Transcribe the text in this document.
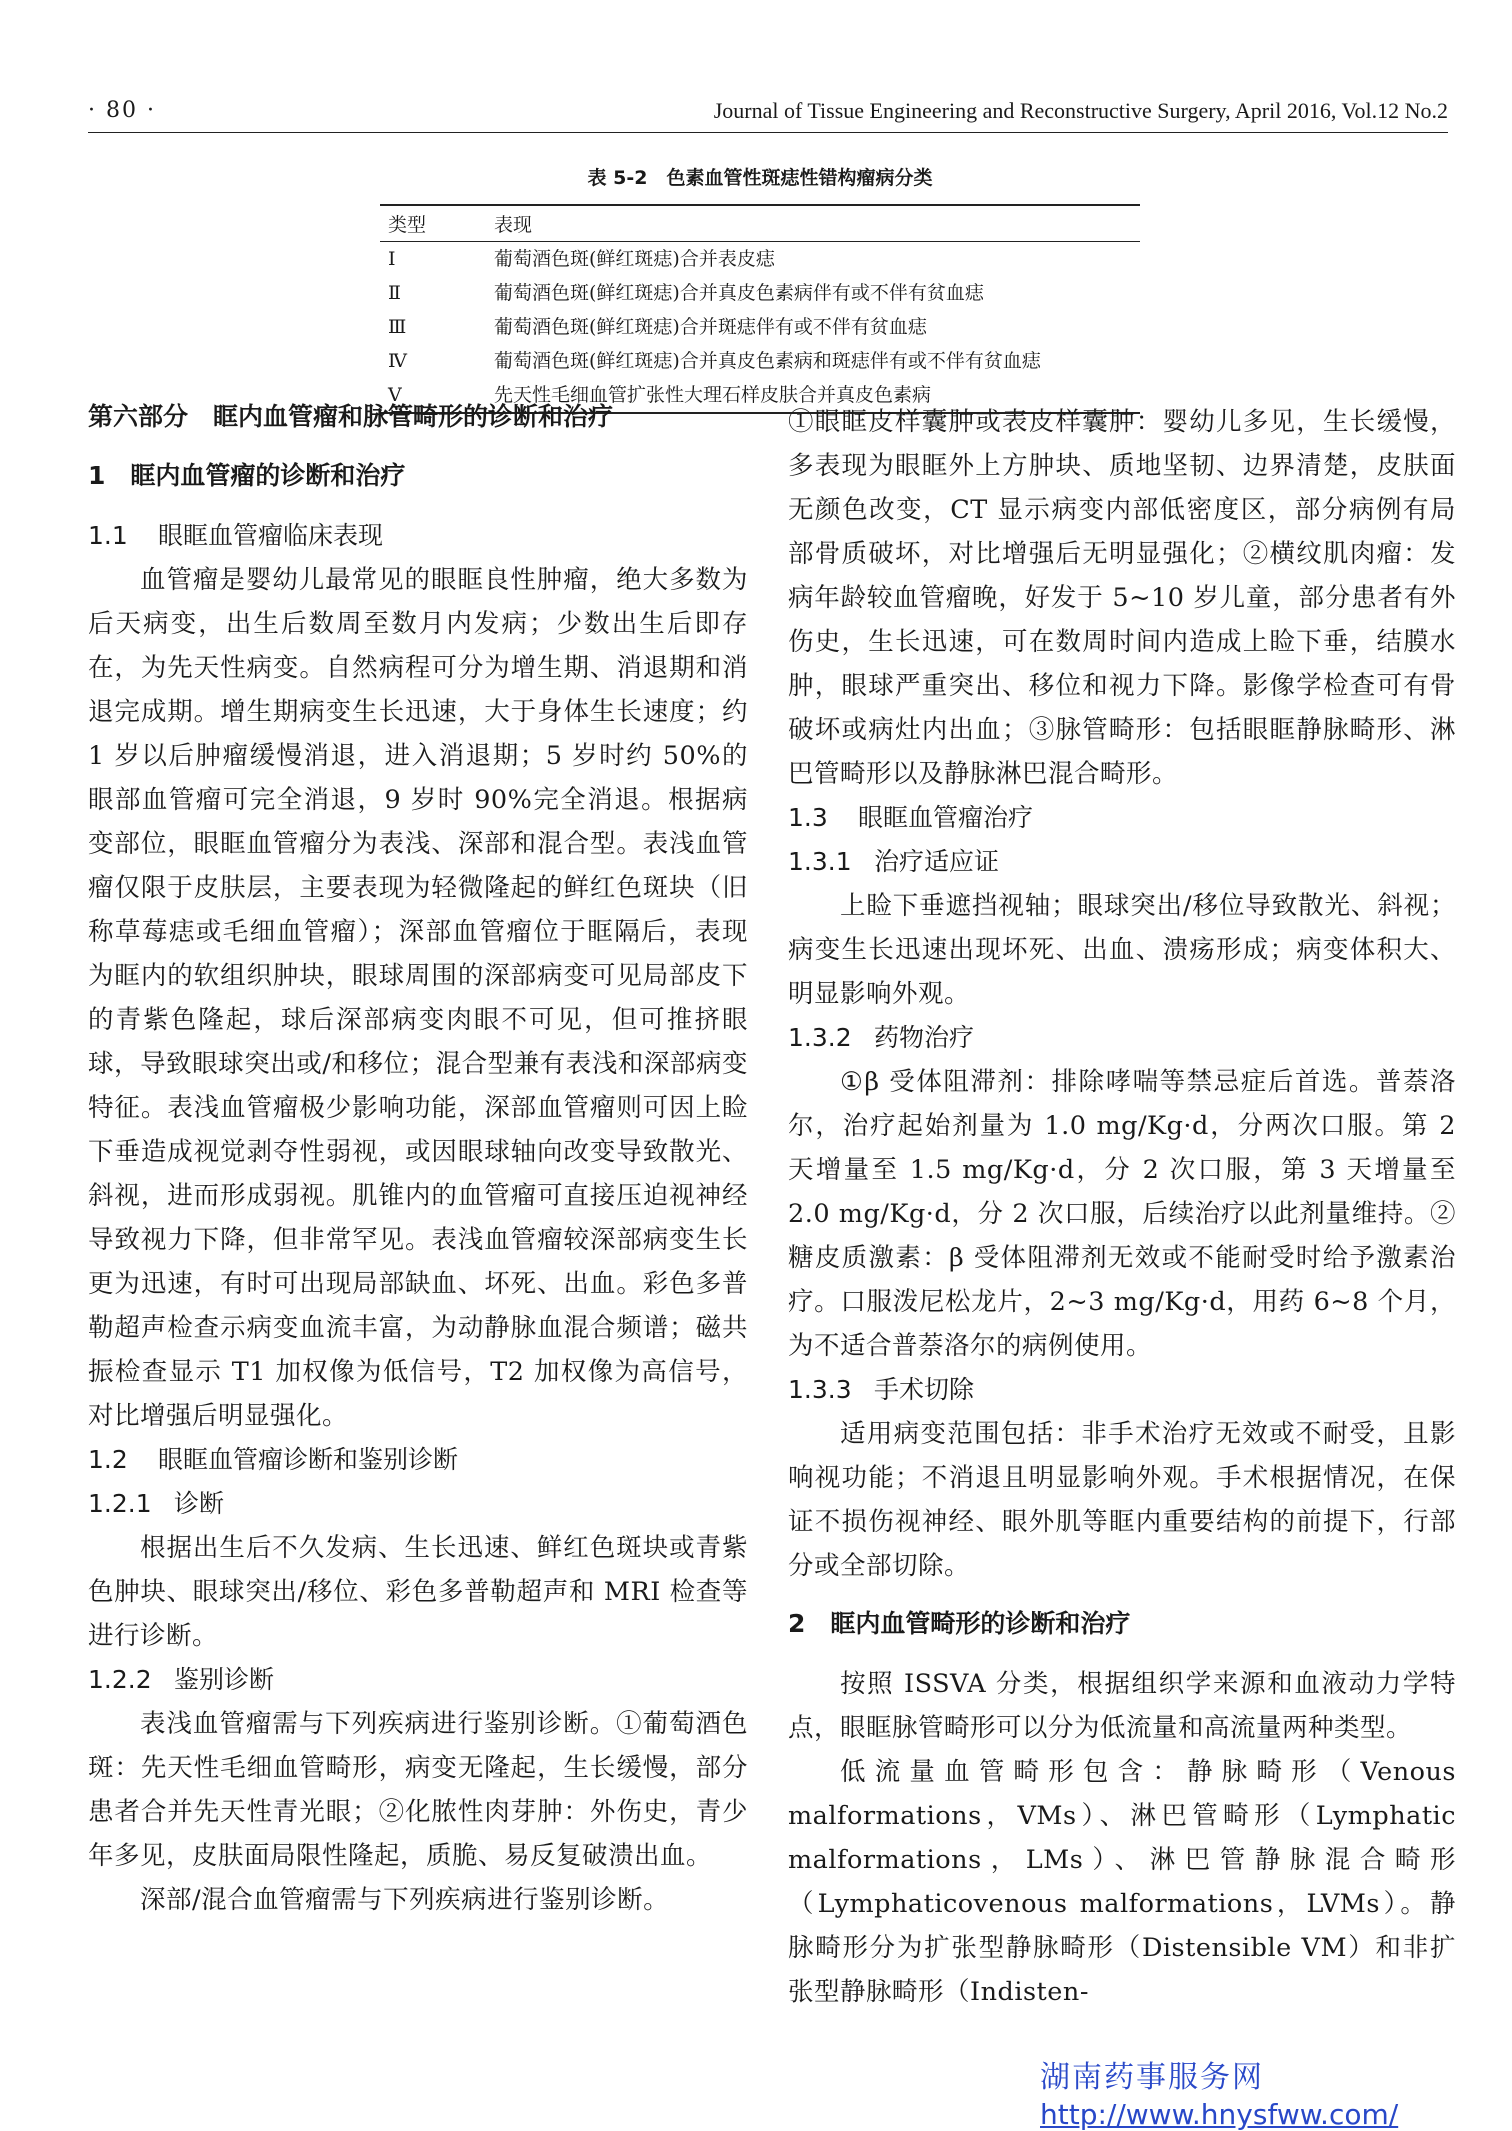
· 80 ·	Journal of Tissue Engineering and Reconstructive Surgery, April 2016, Vol.12 No.2
表 5-2　色素血管性斑痣性错构瘤病分类
类型	表现
Ⅰ	葡萄酒色斑(鲜红斑痣)合并表皮痣
Ⅱ	葡萄酒色斑(鲜红斑痣)合并真皮色素病伴有或不伴有贫血痣
Ⅲ	葡萄酒色斑(鲜红斑痣)合并斑痣伴有或不伴有贫血痣
Ⅳ	葡萄酒色斑(鲜红斑痣)合并真皮色素病和斑痣伴有或不伴有贫血痣
Ⅴ	先天性毛细血管扩张性大理石样皮肤合并真皮色素病
第六部分　眶内血管瘤和脉管畸形的诊断和治疗
1　眶内血管瘤的诊断和治疗
1.1 眼眶血管瘤临床表现

血管瘤是婴幼儿最常见的眼眶良性肿瘤，绝大多数为后天病变，出生后数周至数月内发病；少数出生后即存在，为先天性病变。自然病程可分为增生期、消退期和消退完成期。增生期病变生长迅速，大于身体生长速度；约 1 岁以后肿瘤缓慢消退，进入消退期；5 岁时约 50%的眼部血管瘤可完全消退，9 岁时 90%完全消退。根据病变部位，眼眶血管瘤分为表浅、深部和混合型。表浅血管瘤仅限于皮肤层，主要表现为轻微隆起的鲜红色斑块（旧称草莓痣或毛细血管瘤）；深部血管瘤位于眶隔后，表现为眶内的软组织肿块，眼球周围的深部病变可见局部皮下的青紫色隆起，球后深部病变肉眼不可见，但可推挤眼球，导致眼球突出或/和移位；混合型兼有表浅和深部病变特征。表浅血管瘤极少影响功能，深部血管瘤则可因上睑下垂造成视觉剥夺性弱视，或因眼球轴向改变导致散光、斜视，进而形成弱视。肌锥内的血管瘤可直接压迫视神经导致视力下降，但非常罕见。表浅血管瘤较深部病变生长更为迅速，有时可出现局部缺血、坏死、出血。彩色多普勒超声检查示病变血流丰富，为动静脉血混合频谱；磁共振检查显示 T1 加权像为低信号，T2 加权像为高信号，对比增强后明显强化。

1.2 眼眶血管瘤诊断和鉴别诊断
1.2.1 诊断

根据出生后不久发病、生长迅速、鲜红色斑块或青紫色肿块、眼球突出/移位、彩色多普勒超声和 MRI 检查等进行诊断。

1.2.2 鉴别诊断

表浅血管瘤需与下列疾病进行鉴别诊断。①葡萄酒色斑：先天性毛细血管畸形，病变无隆起，生长缓慢，部分患者合并先天性青光眼；②化脓性肉芽肿：外伤史，青少年多见，皮肤面局限性隆起，质脆、易反复破溃出血。

深部/混合血管瘤需与下列疾病进行鉴别诊断。

①眼眶皮样囊肿或表皮样囊肿：婴幼儿多见，生长缓慢，多表现为眼眶外上方肿块、质地坚韧、边界清楚，皮肤面无颜色改变，CT 显示病变内部低密度区，部分病例有局部骨质破坏，对比增强后无明显强化；②横纹肌肉瘤：发病年龄较血管瘤晚，好发于 5~10 岁儿童，部分患者有外伤史，生长迅速，可在数周时间内造成上睑下垂，结膜水肿，眼球严重突出、移位和视力下降。影像学检查可有骨破坏或病灶内出血；③脉管畸形：包括眼眶静脉畸形、淋巴管畸形以及静脉淋巴混合畸形。

1.3 眼眶血管瘤治疗
1.3.1 治疗适应证

上睑下垂遮挡视轴；眼球突出/移位导致散光、斜视；病变生长迅速出现坏死、出血、溃疡形成；病变体积大、明显影响外观。

1.3.2 药物治疗

①β 受体阻滞剂：排除哮喘等禁忌症后首选。普萘洛尔，治疗起始剂量为 1.0 mg/Kg·d，分两次口服。第 2 天增量至 1.5 mg/Kg·d，分 2 次口服，第 3 天增量至 2.0 mg/Kg·d，分 2 次口服，后续治疗以此剂量维持。②糖皮质激素：β 受体阻滞剂无效或不能耐受时给予激素治疗。口服泼尼松龙片，2~3 mg/Kg·d，用药 6~8 个月，为不适合普萘洛尔的病例使用。

1.3.3 手术切除

适用病变范围包括：非手术治疗无效或不耐受，且影响视功能；不消退且明显影响外观。手术根据情况，在保证不损伤视神经、眼外肌等眶内重要结构的前提下，行部分或全部切除。

2　眶内血管畸形的诊断和治疗

按照 ISSVA 分类，根据组织学来源和血液动力学特点，眼眶脉管畸形可以分为低流量和高流量两种类型。

低流量血管畸形包含：静脉畸形（Venous malformations，VMs）、淋巴管畸形（Lymphatic malformations，LMs）、淋巴管静脉混合畸形（Lymphaticovenous malformations，LVMs）。静脉畸形分为扩张型静脉畸形（Distensible VM）和非扩张型静脉畸形（Indisten-

湖南药事服务网
http://www.hnysfww.com/
